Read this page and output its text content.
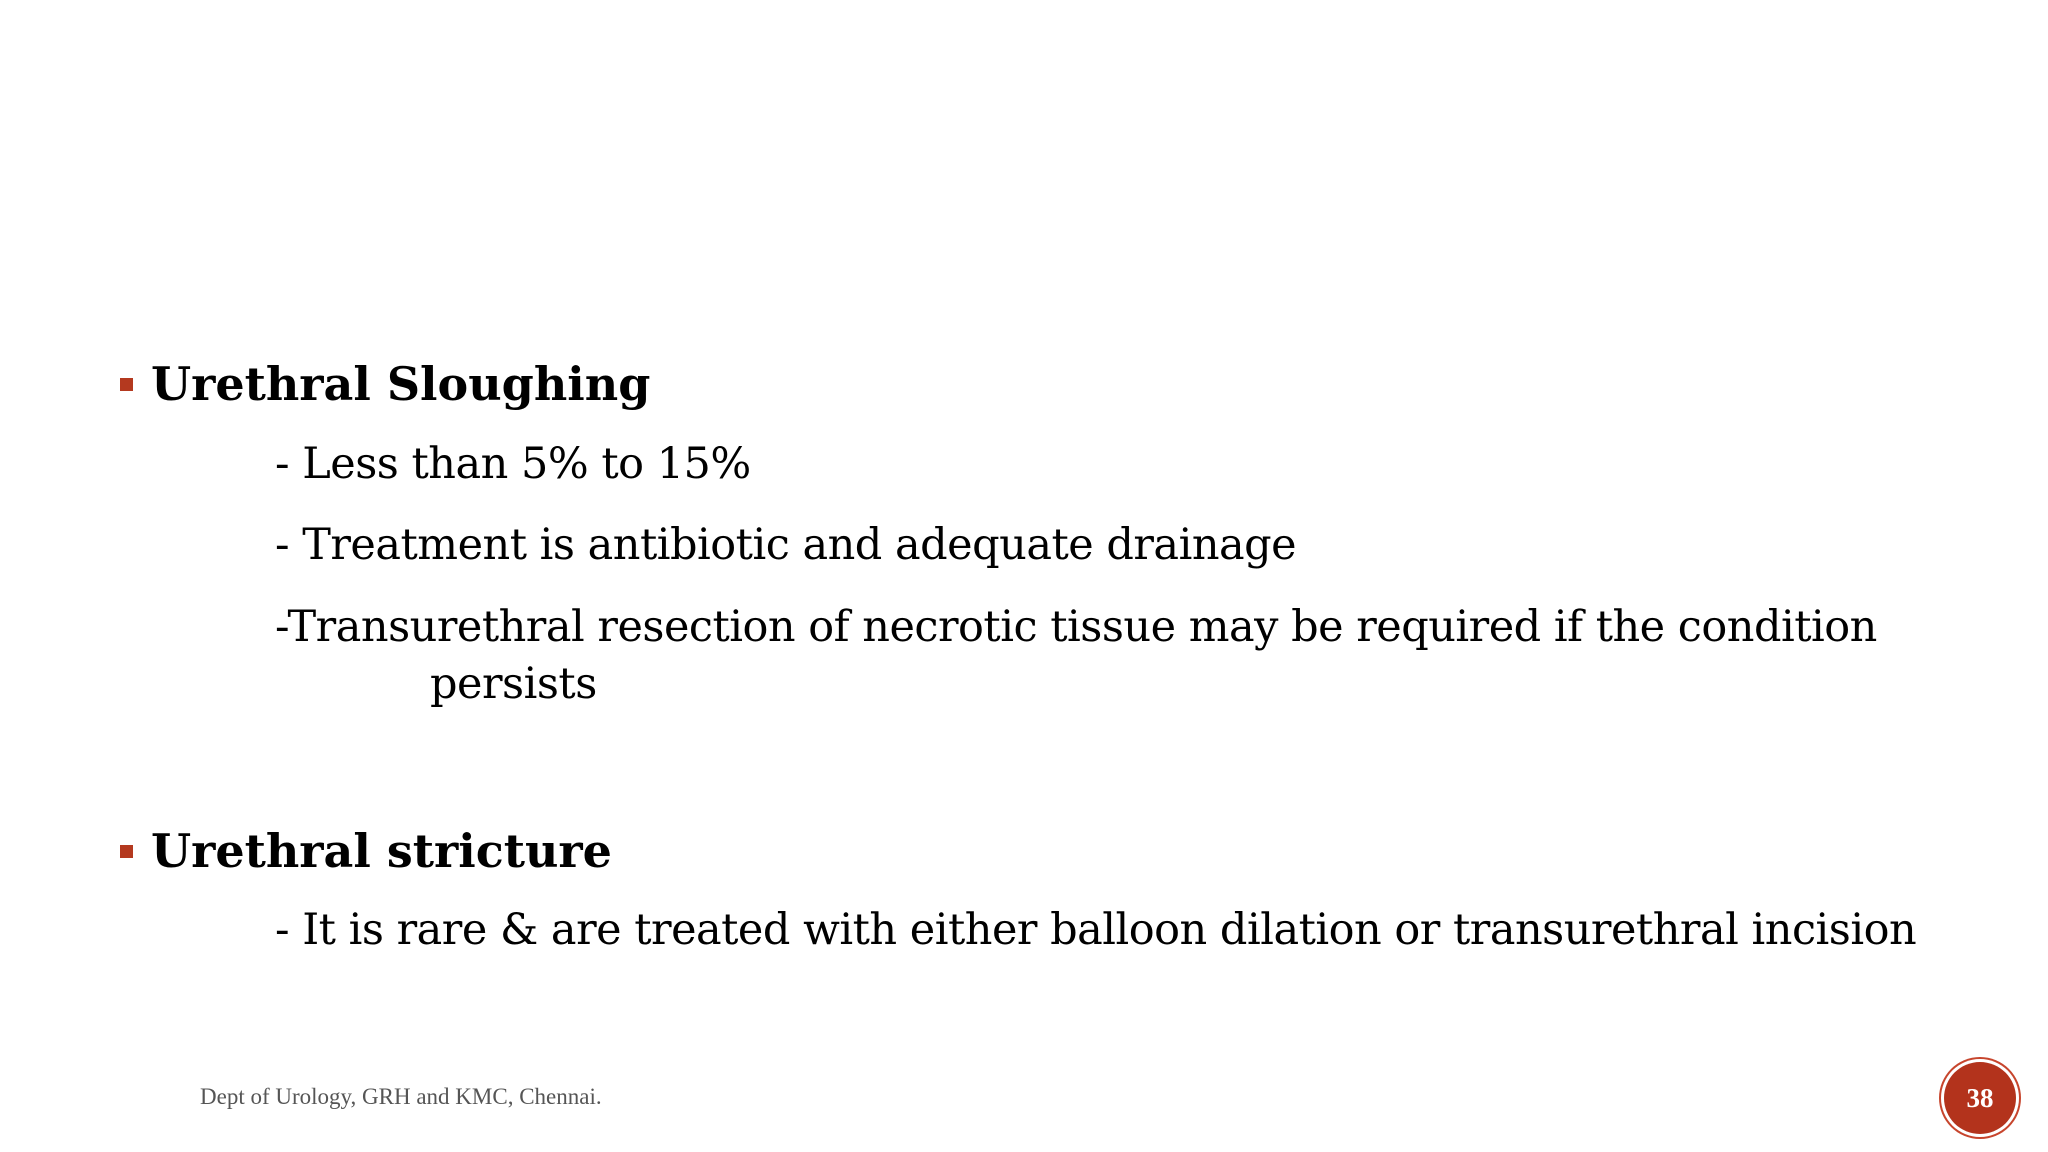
Urethral Sloughing
- Less than 5% to 15%
- Treatment is antibiotic and adequate drainage
-Transurethral resection of necrotic tissue may be required if the condition persists
Urethral stricture
- It is rare & are treated with either balloon dilation or transurethral incision
Dept of Urology, GRH and KMC, Chennai.	38
